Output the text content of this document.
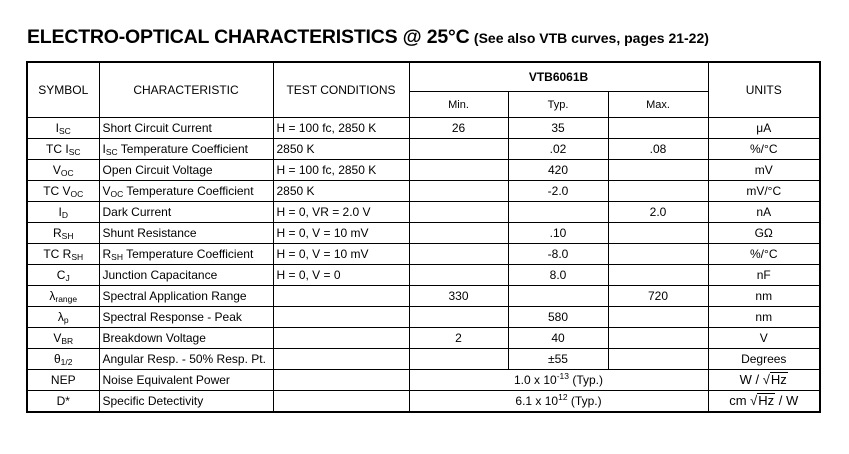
ELECTRO-OPTICAL CHARACTERISTICS @ 25°C (See also VTB curves, pages 21-22)
SYMBOL	CHARACTERISTIC	TEST CONDITIONS	VTB6061B			UNITS
			Min.	Typ.	Max.	
$I_{SC}$	Short Circuit Current	H = 100 fc, 2850 K	26	35		μA
TC $I_{SC}$	$I_{SC}$ Temperature Coefficient	2850 K		.02	.08	%/°C
$V_{OC}$	Open Circuit Voltage	H = 100 fc, 2850 K		420		mV
TC $V_{OC}$	$V_{OC}$ Temperature Coefficient	2850 K		-2.0		mV/°C
$I_D$	Dark Current	H = 0, VR = 2.0 V			2.0	nA
$R_{SH}$	Shunt Resistance	H = 0, V = 10 mV		.10		GΩ
TC $R_{SH}$	$R_{SH}$ Temperature Coefficient	H = 0, V = 10 mV		-8.0		%/°C
$C_J$	Junction Capacitance	H = 0, V = 0		8.0		nF
$\lambda_{range}$	Spectral Application Range		330		720	nm
$\lambda_p$	Spectral Response - Peak			580		nm
$V_{BR}$	Breakdown Voltage		2	40		V
$\theta_{1/2}$	Angular Resp. - 50% Resp. Pt.			±55		Degrees
NEP	Noise Equivalent Power		1.0 x $10^{-13}$ (Typ.)			W / √Hz
D*	Specific Detectivity		6.1 x $10^{12}$ (Typ.)			cm √Hz / W
